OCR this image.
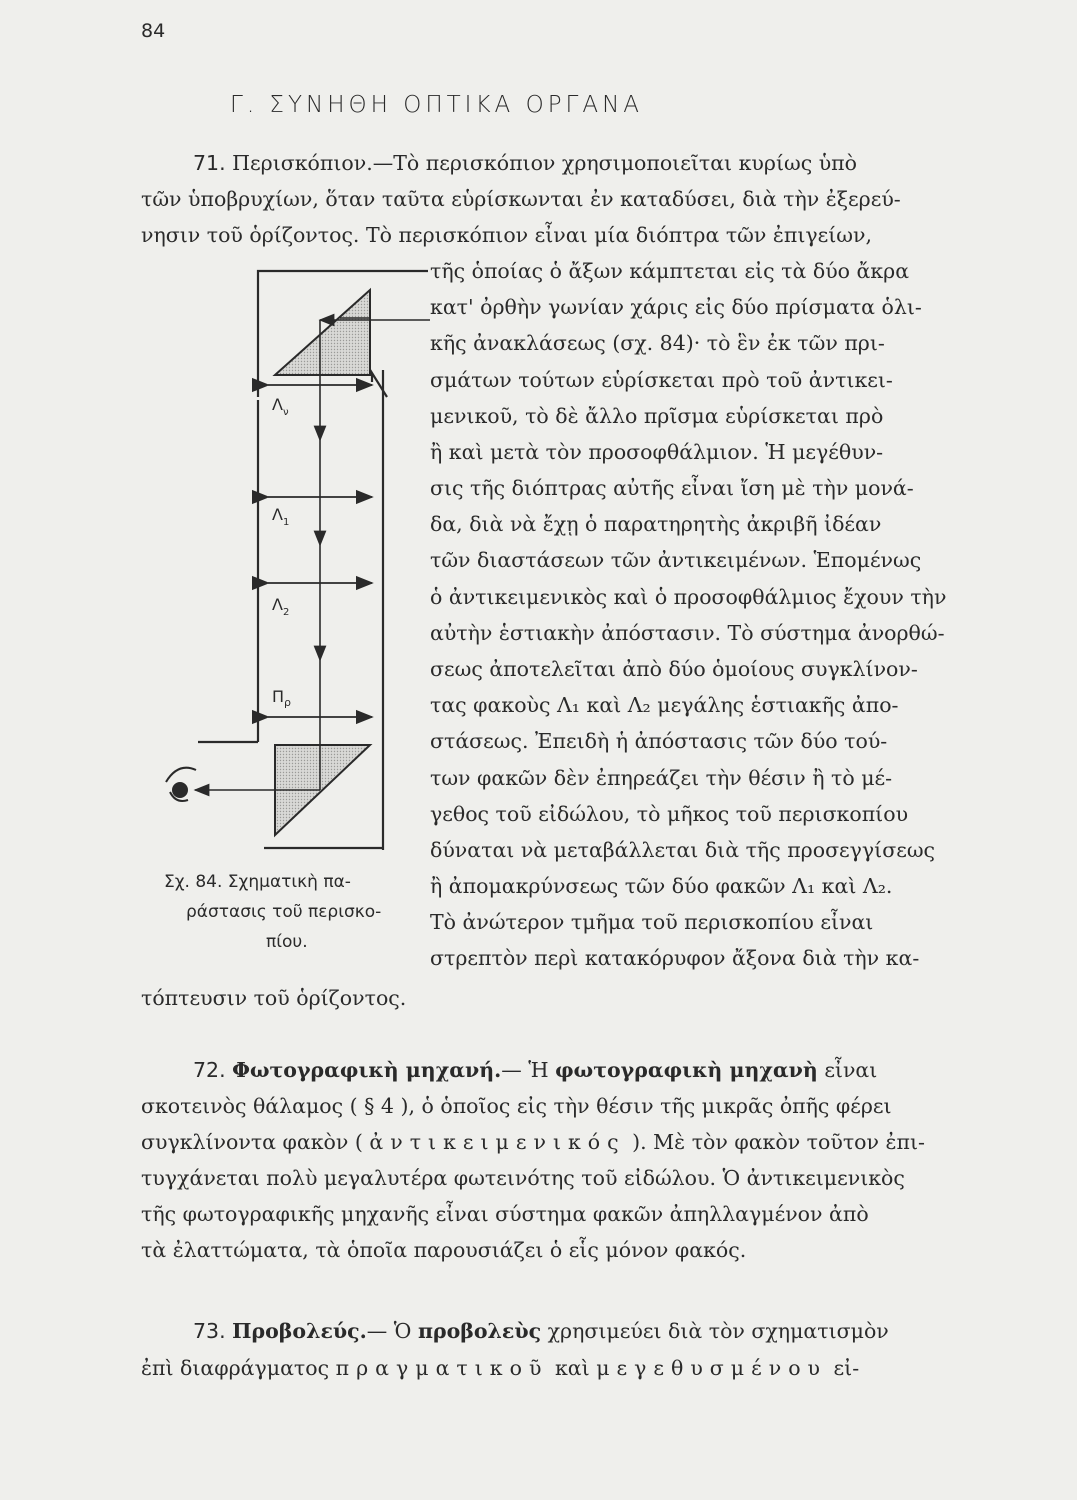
84
Γ. ΣΥΝΗΘΗ ΟΠΤΙΚΑ ΟΡΓΑΝΑ
71. Περισκόπιον.—Τὸ περισκόπιον χρησιμοποιεῖται κυρίως ὑπὸ
τῶν ὑποβρυχίων, ὅταν ταῦτα εὑρίσκωνται ἐν καταδύσει, διὰ τὴν ἐξερεύ-
νησιν τοῦ ὁρίζοντος. Τὸ περισκόπιον εἶναι μία διόπτρα τῶν ἐπιγείων,
τῆς ὁποίας ὁ ἄξων κάμπτεται εἰς τὰ δύο ἄκρα
κατ' ὀρθὴν γωνίαν χάρις εἰς δύο πρίσματα ὁλι-
κῆς ἀνακλάσεως (σχ. 84)· τὸ ἓν ἐκ τῶν πρι-
σμάτων τούτων εὑρίσκεται πρὸ τοῦ ἀντικει-
μενικοῦ, τὸ δὲ ἄλλο πρῖσμα εὑρίσκεται πρὸ
ἢ καὶ μετὰ τὸν προσοφθάλμιον. Ἡ μεγέθυν-
σις τῆς διόπτρας αὐτῆς εἶναι ἴση μὲ τὴν μονά-
δα, διὰ νὰ ἔχῃ ὁ παρατηρητὴς ἀκριβῆ ἰδέαν
τῶν διαστάσεων τῶν ἀντικειμένων. Ἑπομένως
ὁ ἀντικειμενικὸς καὶ ὁ προσοφθάλμιος ἔχουν τὴν
αὐτὴν ἑστιακὴν ἀπόστασιν. Τὸ σύστημα ἀνορθώ-
σεως ἀποτελεῖται ἀπὸ δύο ὁμοίους συγκλίνον-
τας φακοὺς Λ₁ καὶ Λ₂ μεγάλης ἑστιακῆς ἀπο-
στάσεως. Ἐπειδὴ ἡ ἀπόστασις τῶν δύο τού-
των φακῶν δὲν ἐπηρεάζει τὴν θέσιν ἢ τὸ μέ-
γεθος τοῦ εἰδώλου, τὸ μῆκος τοῦ περισκοπίου
δύναται νὰ μεταβάλλεται διὰ τῆς προσεγγίσεως
ἢ ἀπομακρύνσεως τῶν δύο φακῶν Λ₁ καὶ Λ₂.
Τὸ ἀνώτερον τμῆμα τοῦ περισκοπίου εἶναι
στρεπτὸν περὶ κατακόρυφον ἄξονα διὰ τὴν κα-
τόπτευσιν τοῦ ὁρίζοντος.
$\Lambda_\nu$
$\Lambda_1$
$\Lambda_2$
$\Pi_\rho$
Σχ. 84. Σχηματικὴ πα-
ράστασις τοῦ περισκο-
πίου.
72. Φωτογραφικὴ μηχανή.— Ἡ φωτογραφικὴ μηχανὴ εἶναι
σκοτεινὸς θάλαμος ( § 4 ), ὁ ὁποῖος εἰς τὴν θέσιν τῆς μικρᾶς ὀπῆς φέρει
συγκλίνοντα φακὸν ( ἀντικειμενικός ). Μὲ τὸν φακὸν τοῦτον ἐπι-
τυγχάνεται πολὺ μεγαλυτέρα φωτεινότης τοῦ εἰδώλου. Ὁ ἀντικειμενικὸς
τῆς φωτογραφικῆς μηχανῆς εἶναι σύστημα φακῶν ἀπηλλαγμένον ἀπὸ
τὰ ἐλαττώματα, τὰ ὁποῖα παρουσιάζει ὁ εἷς μόνον φακός.
73. Προβολεύς.— Ὁ προβολεὺς χρησιμεύει διὰ τὸν σχηματισμὸν
ἐπὶ διαφράγματος πραγματικοῦ καὶ μεγεθυσμένου εἰ-
